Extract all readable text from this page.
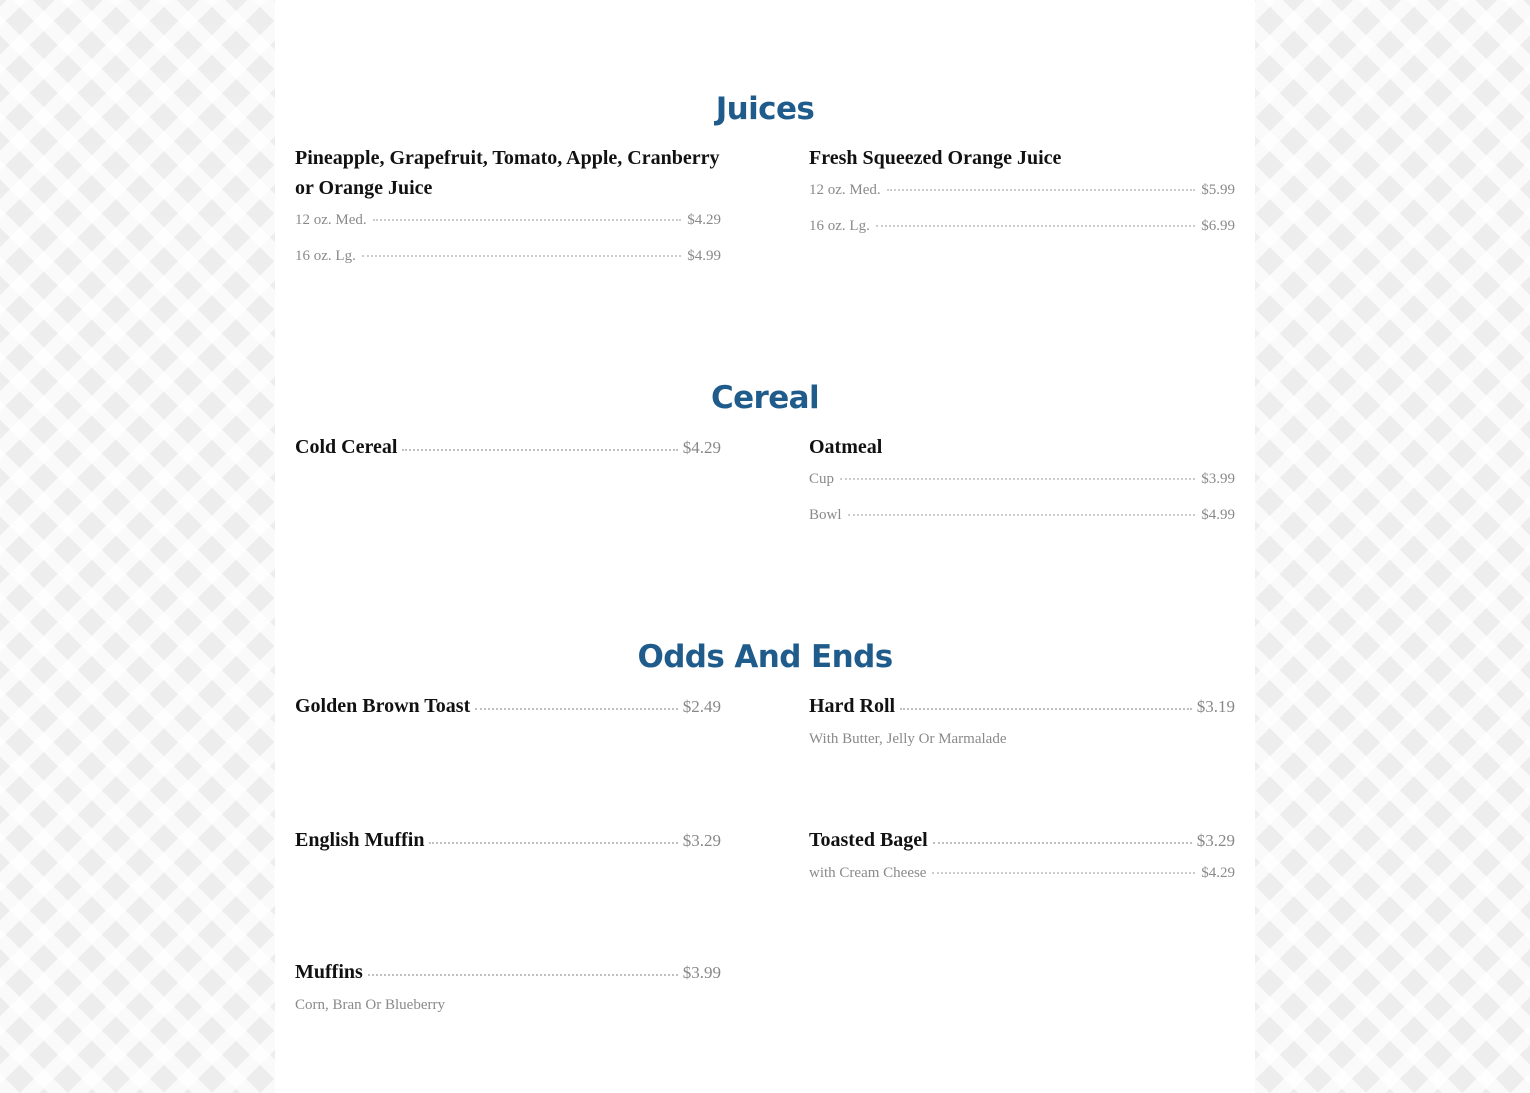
Juices
Pineapple, Grapefruit, Tomato, Apple, Cranberry or Orange Juice
12 oz. Med.	$4.29
16 oz. Lg.	$4.99
Fresh Squeezed Orange Juice
12 oz. Med.	$5.99
16 oz. Lg.	$6.99
Cereal
Cold Cereal	$4.29	Oatmeal
Cup	$3.99
Bowl	$4.99
Odds And Ends
Golden Brown Toast	$2.49	Hard Roll	$3.19
With Butter, Jelly Or Marmalade
English Muffin	$3.29	Toasted Bagel	$3.29
with Cream Cheese	$4.29
Muffins	$3.99
Corn, Bran Or Blueberry
